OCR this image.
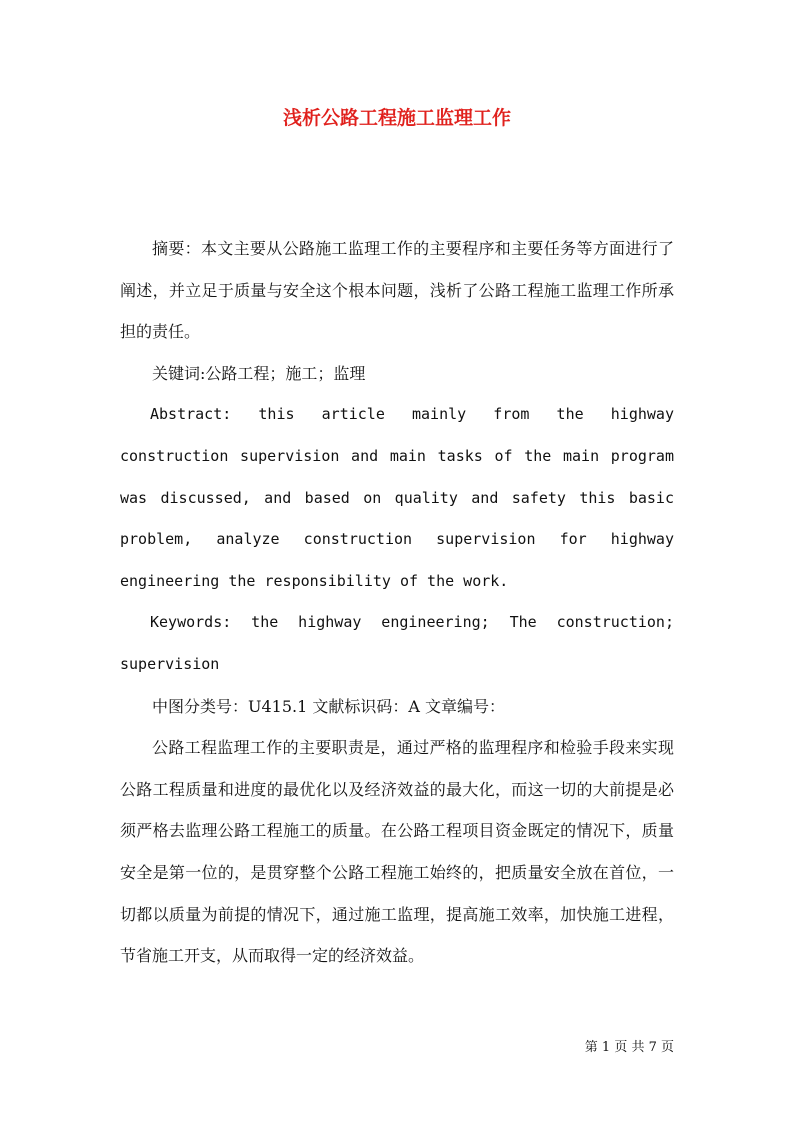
浅析公路工程施工监理工作

摘要：本文主要从公路施工监理工作的主要程序和主要任务等方面进行了阐述，并立足于质量与安全这个根本问题，浅析了公路工程施工监理工作所承担的责任。

关键词:公路工程；施工；监理

Abstract: this article mainly from the highway construction supervision and main tasks of the main program was discussed, and based on quality and safety this basic problem, analyze construction supervision for highway engineering the responsibility of the work.

Keywords: the highway engineering; The construction; supervision

中图分类号：U415.1 文献标识码：A 文章编号：

公路工程监理工作的主要职责是，通过严格的监理程序和检验手段来实现公路工程质量和进度的最优化以及经济效益的最大化，而这一切的大前提是必须严格去监理公路工程施工的质量。在公路工程项目资金既定的情况下，质量安全是第一位的，是贯穿整个公路工程施工始终的，把质量安全放在首位，一切都以质量为前提的情况下，通过施工监理，提高施工效率，加快施工进程，节省施工开支，从而取得一定的经济效益。

第 1 页 共 7 页
